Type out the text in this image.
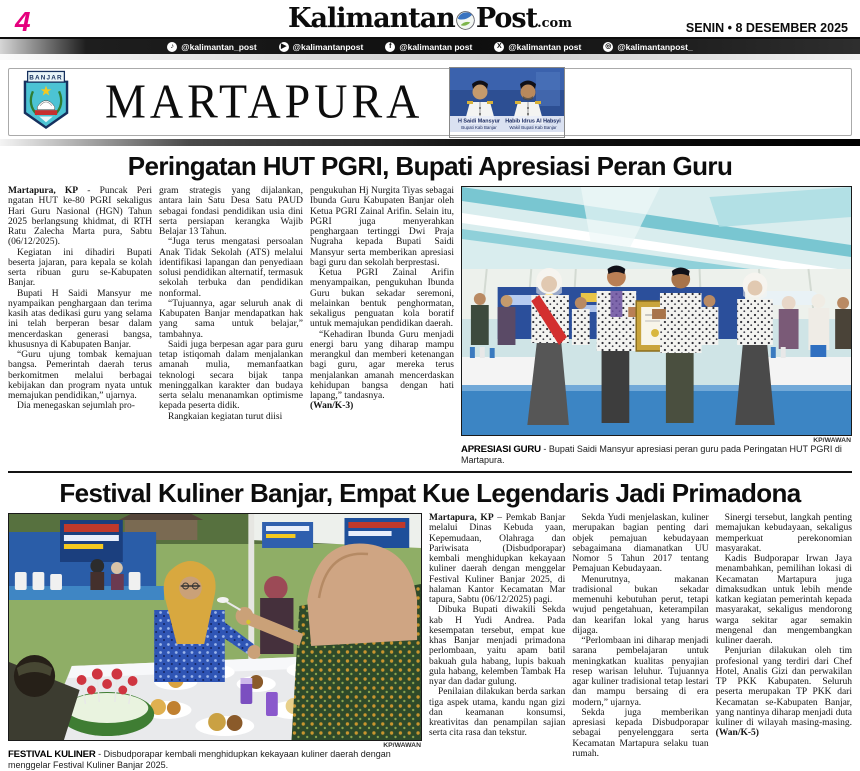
4	Kalimantan Post.com	SENIN • 8 DESEMBER 2025
♪ @kalimantan_post	▶ @kalimantanpost	f @kalimantan post	X @kalimantan post	◎ @kalimantanpost_
BANJAR MARTAPURA	H Saidi Mansyur
Bupati Kab Banjar
Habib Idrus Al Habsyi
Wakil Bupati Kab Banjar
Peringatan HUT PGRI, Bupati Apresiasi Peran Guru

Martapura, KP - Puncak Peri ngatan HUT ke-80 PGRI sekaligus Hari Guru Nasional (HGN) Tahun 2025 berlangsung khidmat, di RTH Ratu Zalecha Marta pura, Sabtu (06/12/2025).

Kegiatan ini dihadiri Bupati beserta jajaran, para kepala se kolah serta ribuan guru se-Kabupaten Banjar.

Bupati H Saidi Mansyur me nyampaikan penghargaan dan terima kasih atas dedikasi guru yang selama ini telah berperan besar dalam mencerdaskan generasi bangsa, khususnya di Kabupaten Banjar.

“Guru ujung tombak kemajuan bangsa. Pemerintah daerah terus berkomitmen melalui berbagai kebijakan dan program nyata untuk memajukan pendidikan,” ujarnya.

Dia menegaskan sejumlah pro-

gram strategis yang dijalankan, antara lain Satu Desa Satu PAUD sebagai fondasi pendidikan usia dini serta persiapan kerangka Wajib Belajar 13 Tahun.

“Juga terus mengatasi persoalan Anak Tidak Sekolah (ATS) melalui identifikasi lapangan dan penyediaan solusi pendidikan alternatif, termasuk sekolah terbuka dan pendidikan nonformal.

“Tujuannya, agar seluruh anak di Kabupaten Banjar mendapatkan hak yang sama untuk belajar,” tambahnya.

Saidi juga berpesan agar para guru tetap istiqomah dalam menjalankan amanah mulia, memanfaatkan teknologi secara bijak tanpa meninggalkan karakter dan budaya serta selalu menanamkan optimisme kepada peserta didik.

Rangkaian kegiatan turut diisi

pengukuhan Hj Nurgita Tiyas sebagai Ibunda Guru Kabupaten Banjar oleh Ketua PGRI Zainal Arifin. Selain itu, PGRI juga menyerahkan penghargaan tertinggi Dwi Praja Nugraha kepada Bupati Saidi Mansyur serta memberikan apresiasi bagi guru dan sekolah berprestasi.

Ketua PGRI Zainal Arifin menyampaikan, pengukuhan Ibunda Guru bukan sekadar seremoni, melainkan bentuk penghormatan, sekaligus penguatan kola boratif untuk memajukan pendidikan daerah.

“Kehadiran Ibunda Guru menjadi energi baru yang diharap mampu merangkul dan memberi ketenangan bagi guru, agar mereka terus menjalankan amanah mencerdaskan kehidupan bangsa dengan hati lapang,” tandasnya.

(Wan/K-3)

KP/WAWAN
APRESIASI GURU - Bupati Saidi Mansyur apresiasi peran guru pada Peringatan HUT PGRI di Martapura.
Festival Kuliner Banjar, Empat Kue Legendaris Jadi Primadona
KP/WAWAN
FESTIVAL KULINER - Disbudporapar kembali menghidupkan kekayaan kuliner daerah dengan menggelar Festival Kuliner Banjar 2025.

Martapura, KP – Pemkab Banjar melalui Dinas Kebuda yaan, Kepemudaan, Olahraga dan Pariwisata (Disbudporapar) kembali menghidupkan kekayaan kuliner daerah dengan menggelar Festival Kuliner Banjar 2025, di halaman Kantor Kecamatan Mar tapura, Sabtu (06/12/2025) pagi.

Dibuka Bupati diwakili Sekda kab H Yudi Andrea. Pada kesempatan tersebut, empat kue khas Banjar menjadi primadona perlombaan, yaitu apam batil bakuah gula habang, lupis bakuah gula habang, kelemben Tambak Ha nyar dan dadar gulung.

Penilaian dilakukan berda sarkan tiga aspek utama, kandu ngan gizi dan keamanan konsumsi, kreativitas dan penampilan sajian serta cita rasa dan tekstur.

Sekda Yudi menjelaskan, kuliner merupakan bagian penting dari objek pemajuan kebudayaan sebagaimana diamanatkan UU Nomor 5 Tahun 2017 tentang Pemajuan Kebudayaan.

Menurutnya, makanan tradisional bukan sekadar memenuhi kebutuhan perut, tetapi wujud pengetahuan, keterampilan dan kearifan lokal yang harus dijaga.

“Perlombaan ini diharap menjadi sarana pembelajaran untuk meningkatkan kualitas penyajian resep warisan leluhur. Tujuannya agar kuliner tradisional tetap lestari dan mampu bersaing di era modern,” ujarnya.

Sekda juga memberikan apresiasi kepada Disbudporapar sebagai penyelenggara serta Kecamatan Martapura selaku tuan rumah.

Sinergi tersebut, langkah penting memajukan kebudayaan, sekaligus memperkuat perekonomian masyarakat.

Kadis Budporapar Irwan Jaya menambahkan, pemilihan lokasi di Kecamatan Martapura juga dimaksudkan untuk lebih mende katkan kegiatan pemerintah kepada masyarakat, sekaligus mendorong warga sekitar agar semakin mengenal dan mengembangkan kuliner daerah.

Penjurian dilakukan oleh tim profesional yang terdiri dari Chef Hotel, Analis Gizi dan perwakilan TP PKK Kabupaten. Seluruh peserta merupakan TP PKK dari Kecamatan se-Kabupaten Banjar, yang nantinya diharap menjadi duta kuliner di wilayah masing-masing. (Wan/K-5)
